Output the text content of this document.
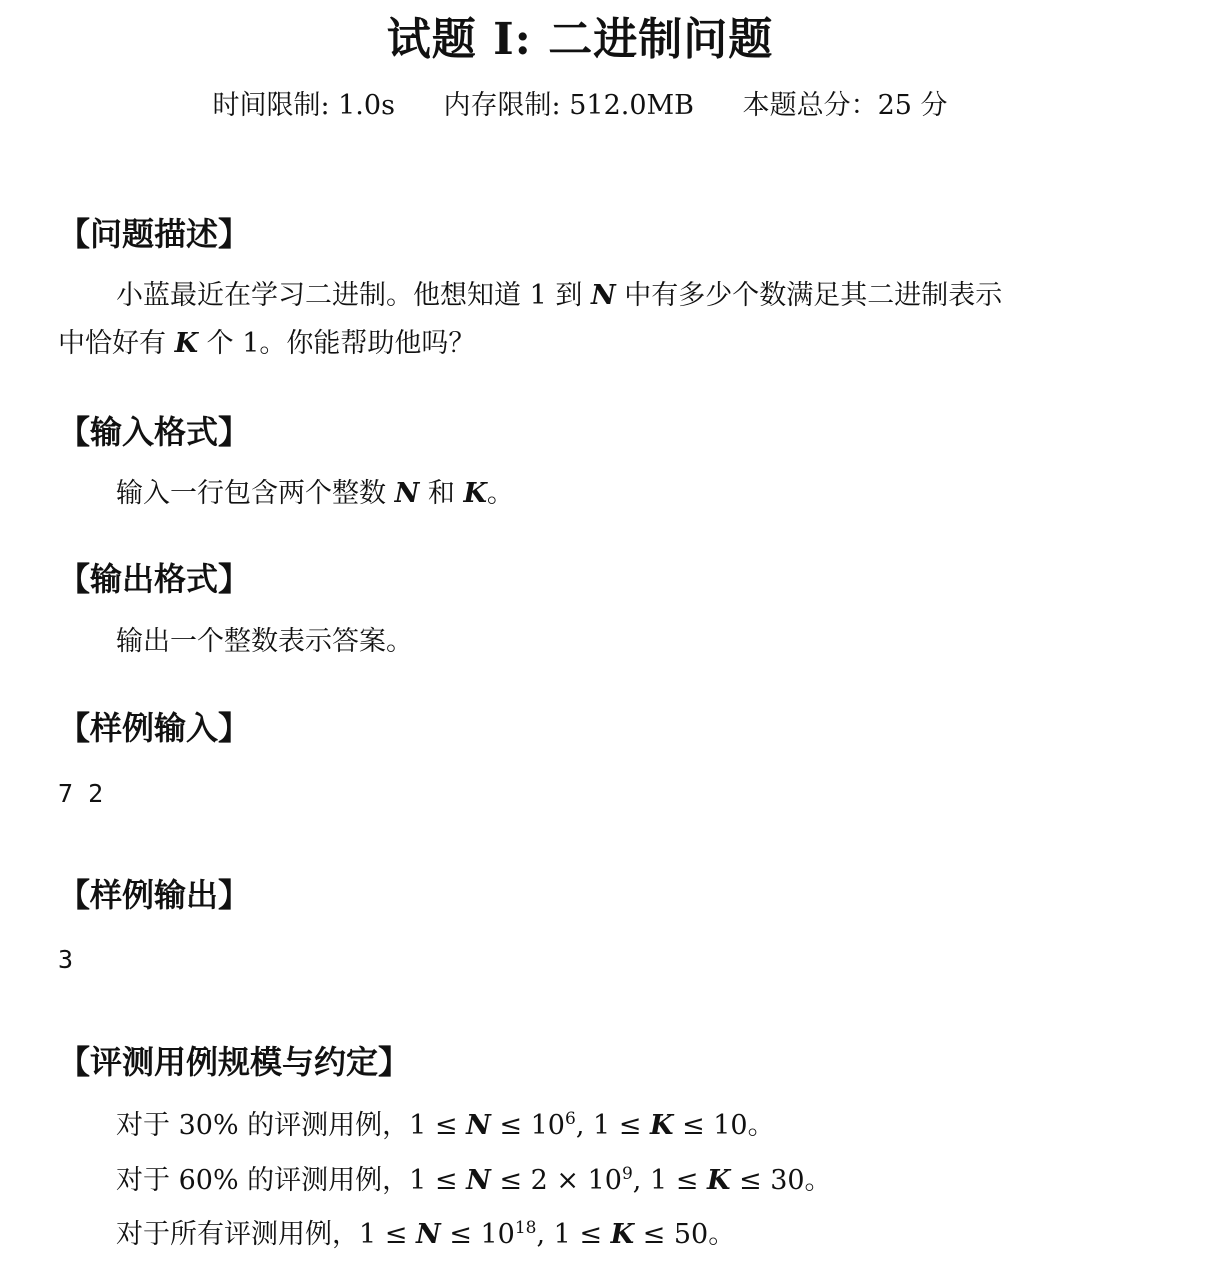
试题 I: 二进制问题
时间限制: 1.0s 内存限制: 512.0MB 本题总分：25 分
【问题描述】
小蓝最近在学习二进制。他想知道 1 到 N 中有多少个数满足其二进制表示
中恰好有 K 个 1。你能帮助他吗？
【输入格式】
输入一行包含两个整数 N 和 K。
【输出格式】
输出一个整数表示答案。
【样例输入】
7 2
【样例输出】
3
【评测用例规模与约定】
对于 30% 的评测用例，$1 \le N \le 10^6$, 1 ≤ K ≤ 10。
对于 60% 的评测用例，$1 \le N \le 2 \times 10^9$, 1 ≤ K ≤ 30。
对于所有评测用例，$1 \le N \le 10^{18}$, 1 ≤ K ≤ 50。
